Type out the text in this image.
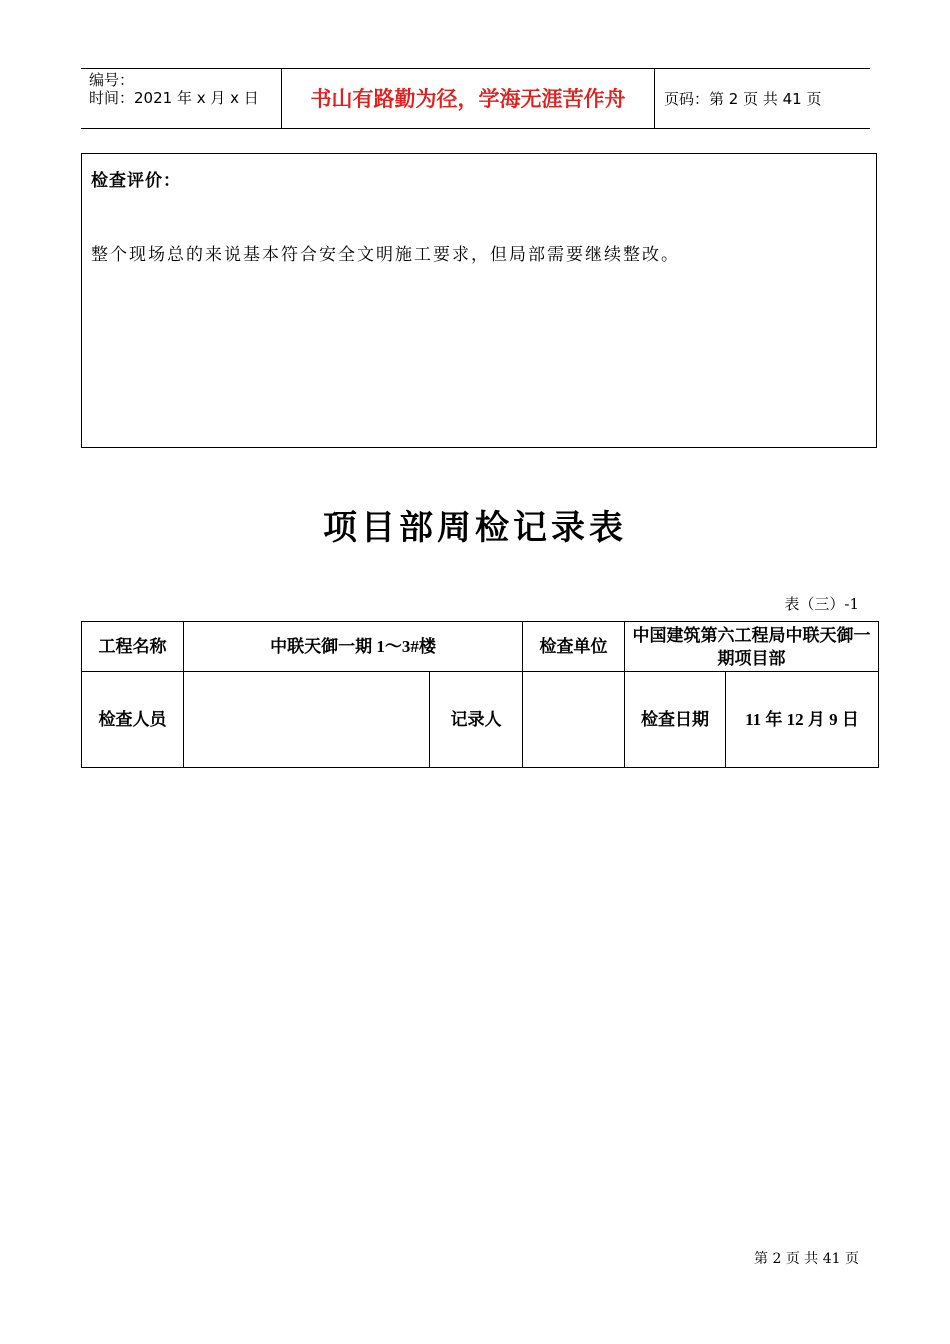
编号：
时间：2021 年 x 月 x 日	书山有路勤为径，学海无涯苦作舟	页码：第 2 页 共 41 页
检查评价：
整个现场总的来说基本符合安全文明施工要求，但局部需要继续整改。
项目部周检记录表
表（三）-1
工程名称	中联天御一期 1～3#楼		检查单位	中国建筑第六工程局中联天御一期项目部	
检查人员		记录人		检查日期	11 年 12 月 9 日
第 2 页 共 41 页
